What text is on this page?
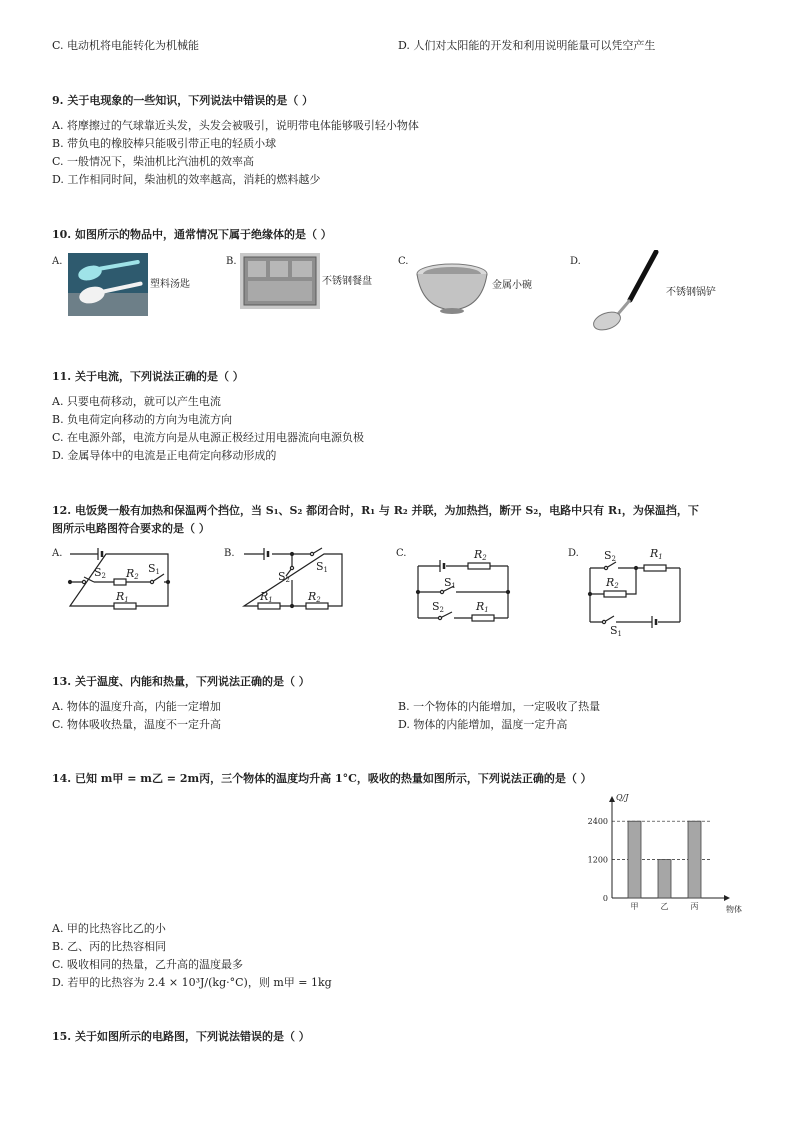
C. 电动机将电能转化为机械能	D. 人们对太阳能的开发和利用说明能量可以凭空产生
9. 关于电现象的一些知识，下列说法中错误的是（ ）
A. 将摩擦过的气球靠近头发，头发会被吸引，说明带电体能够吸引轻小物体
B. 带负电的橡胶棒只能吸引带正电的轻质小球
C. 一般情况下，柴油机比汽油机的效率高
D. 工作相同时间，柴油机的效率越高，消耗的燃料越少
10. 如图所示的物品中，通常情况下属于绝缘体的是（ ）
A.	B.	C.	D.
塑料汤匙	不锈钢餐盘	金属小碗
不锈钢锅铲
11. 关于电流，下列说法正确的是（ ）
A. 只要电荷移动，就可以产生电流
B. 负电荷定向移动的方向为电流方向
C. 在电源外部，电流方向是从电源正极经过用电器流向电源负极
D. 金属导体中的电流是正电荷定向移动形成的
12. 电饭煲一般有加热和保温两个挡位，当 S₁、S₂ 都闭合时，R₁ 与 R₂ 并联，为加热挡，断开 S₂，电路中只有 R₁，为保温挡，下
图所示电路图符合要求的是（ ）
A.	B.	C.	D.
S2 R2
S1
R1
S2
S1
R1	R2
R2
S1
S2	R1
S2	R1
R2
S1
13. 关于温度、内能和热量，下列说法正确的是（ ）
A. 物体的温度升高，内能一定增加	B. 一个物体的内能增加，一定吸收了热量
C. 物体吸收热量，温度不一定升高	D. 物体的内能增加，温度一定升高
14. 已知 m甲 = m乙 = 2m丙，三个物体的温度均升高 1°C，吸收的热量如图所示，下列说法正确的是（ ）
Q/J
物体
0
1200
2400
甲	乙	丙
A. 甲的比热容比乙的小
B. 乙、丙的比热容相同
C. 吸收相同的热量，乙升高的温度最多
D. 若甲的比热容为 2.4 × 10³J/(kg·°C)，则 m甲 = 1kg
15. 关于如图所示的电路图，下列说法错误的是（ ）
